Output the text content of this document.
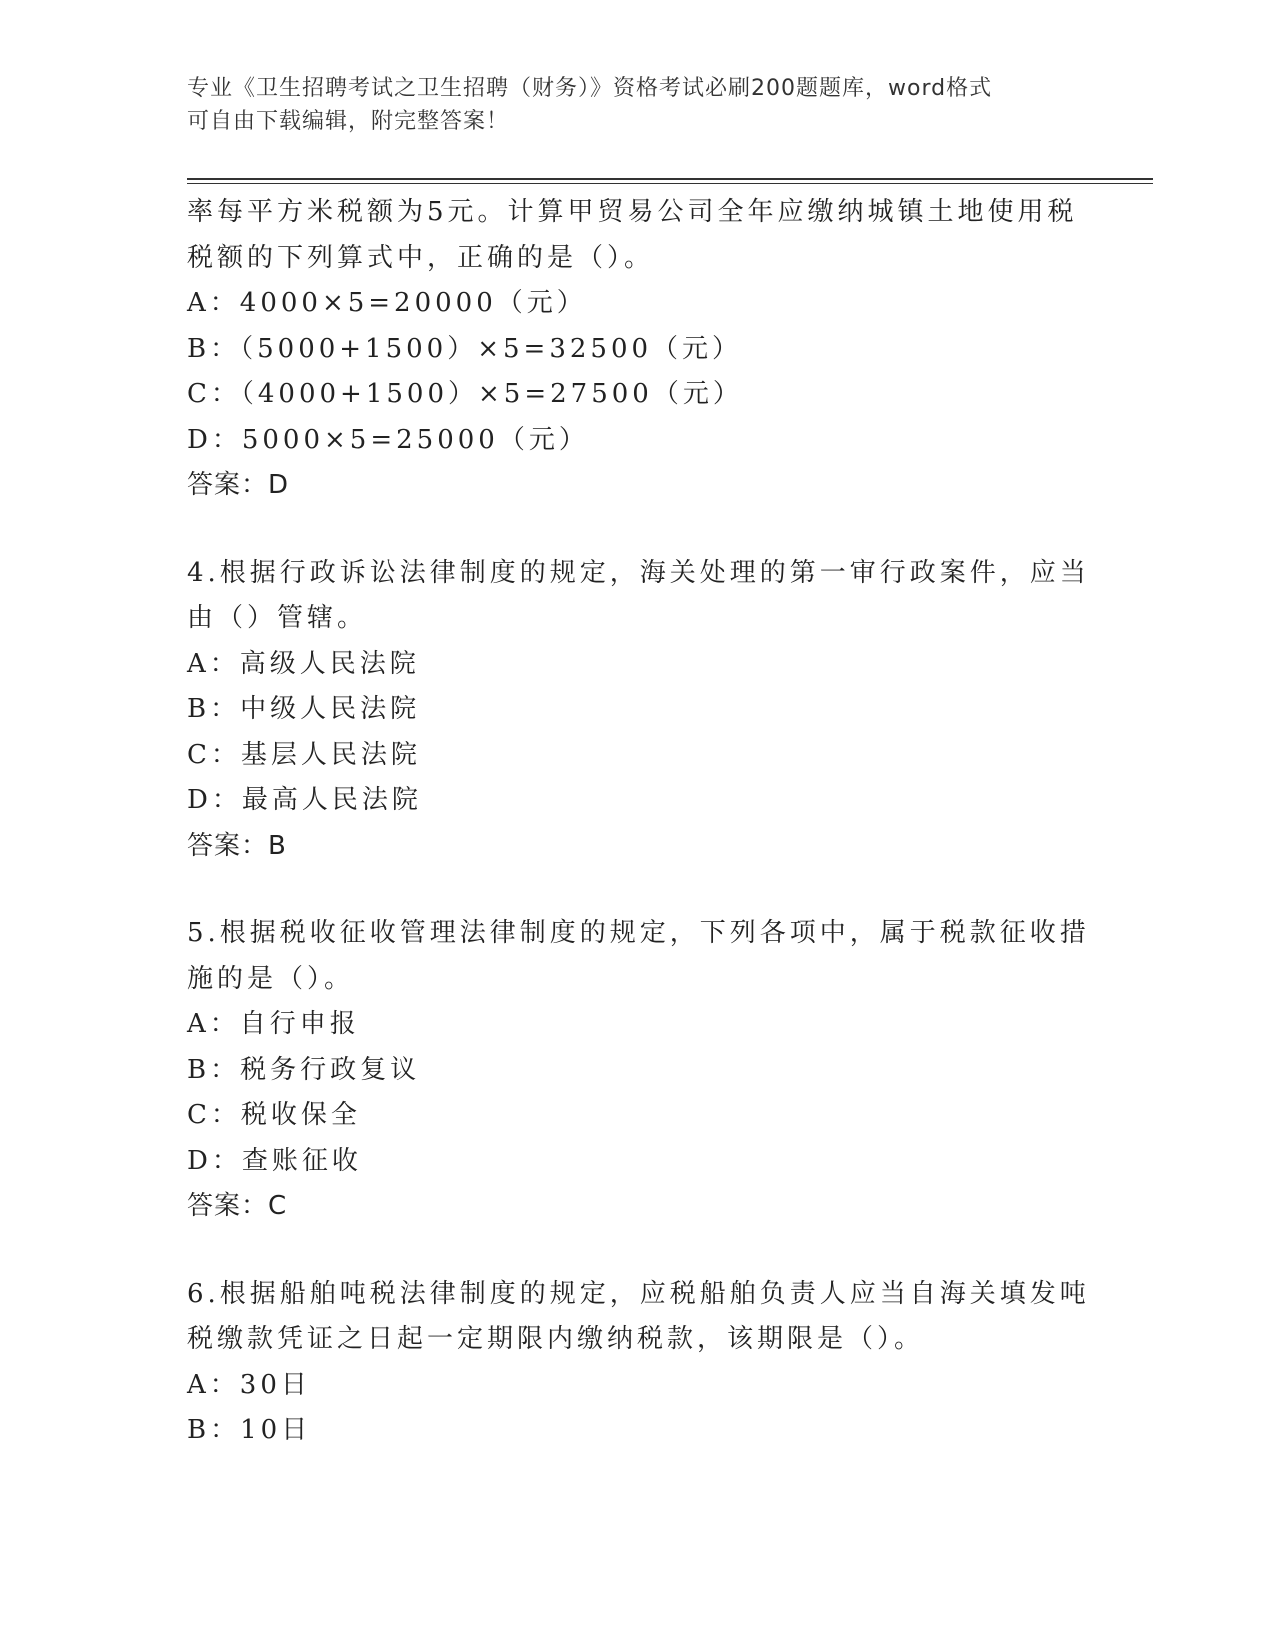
专业《卫生招聘考试之卫生招聘（财务）》资格考试必刷200题题库，word格式
可自由下载编辑，附完整答案！
率每平方米税额为5元。计算甲贸易公司全年应缴纳城镇土地使用税
税额的下列算式中，正确的是（）。
A：4000×5=20000（元）
B：（5000+1500）×5=32500（元）
C：（4000+1500）×5=27500（元）
D：5000×5=25000（元）
答案：D
4.根据行政诉讼法律制度的规定，海关处理的第一审行政案件，应当
由（）管辖。
A：高级人民法院
B：中级人民法院
C：基层人民法院
D：最高人民法院
答案：B
5.根据税收征收管理法律制度的规定，下列各项中，属于税款征收措
施的是（）。
A：自行申报
B：税务行政复议
C：税收保全
D：查账征收
答案：C
6.根据船舶吨税法律制度的规定，应税船舶负责人应当自海关填发吨
税缴款凭证之日起一定期限内缴纳税款，该期限是（）。
A：30日
B：10日
